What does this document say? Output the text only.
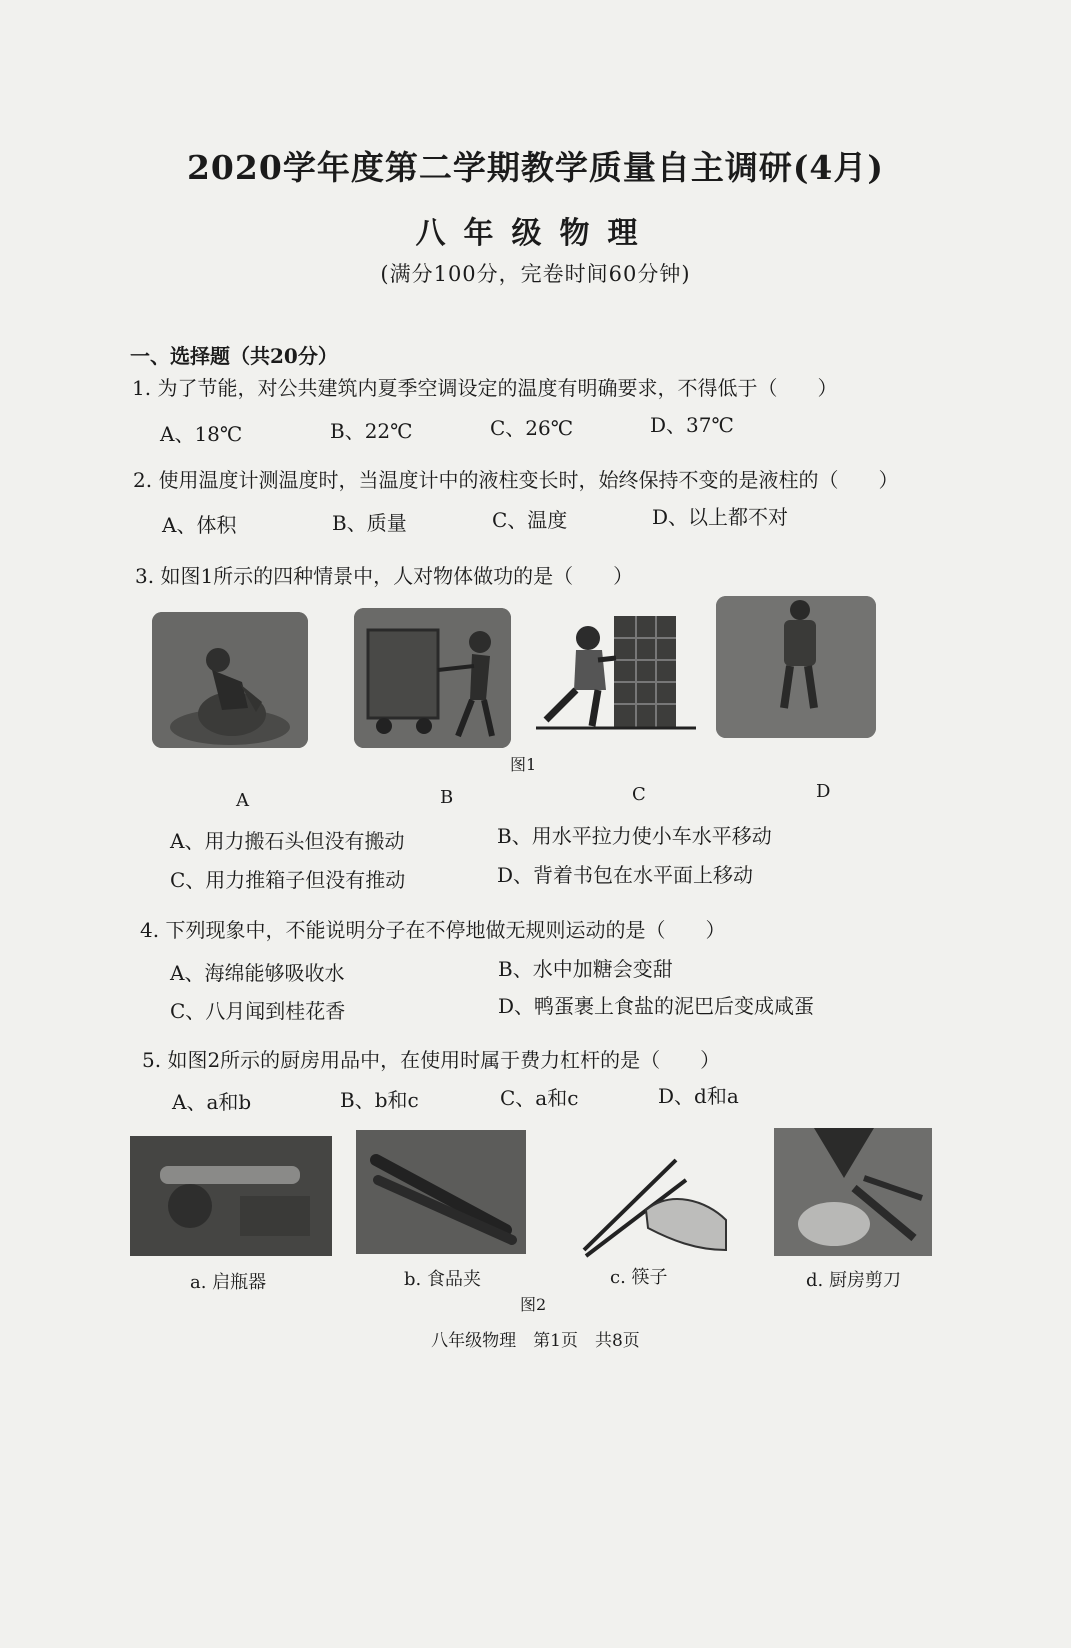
2020学年度第二学期教学质量自主调研(4月)
八年级物理
(满分100分，完卷时间60分钟)
一、选择题（共20分）
1. 为了节能，对公共建筑内夏季空调设定的温度有明确要求，不得低于（　　）
A、18℃	B、22℃	C、26℃	D、37℃
2. 使用温度计测温度时，当温度计中的液柱变长时，始终保持不变的是液柱的（　　）
A、体积	B、质量	C、温度	D、以上都不对
3. 如图1所示的四种情景中，人对物体做功的是（　　）
图1
A	B	C	D
A、用力搬石头但没有搬动	B、用水平拉力使小车水平移动
C、用力推箱子但没有推动	D、背着书包在水平面上移动
4. 下列现象中，不能说明分子在不停地做无规则运动的是（　　）
A、海绵能够吸收水	B、水中加糖会变甜
C、八月闻到桂花香	D、鸭蛋裹上食盐的泥巴后变成咸蛋
5. 如图2所示的厨房用品中，在使用时属于费力杠杆的是（　　）
A、a和b	B、b和c	C、a和c	D、d和a
a. 启瓶器	b. 食品夹	c. 筷子	d. 厨房剪刀
图2
八年级物理　第1页　共8页
